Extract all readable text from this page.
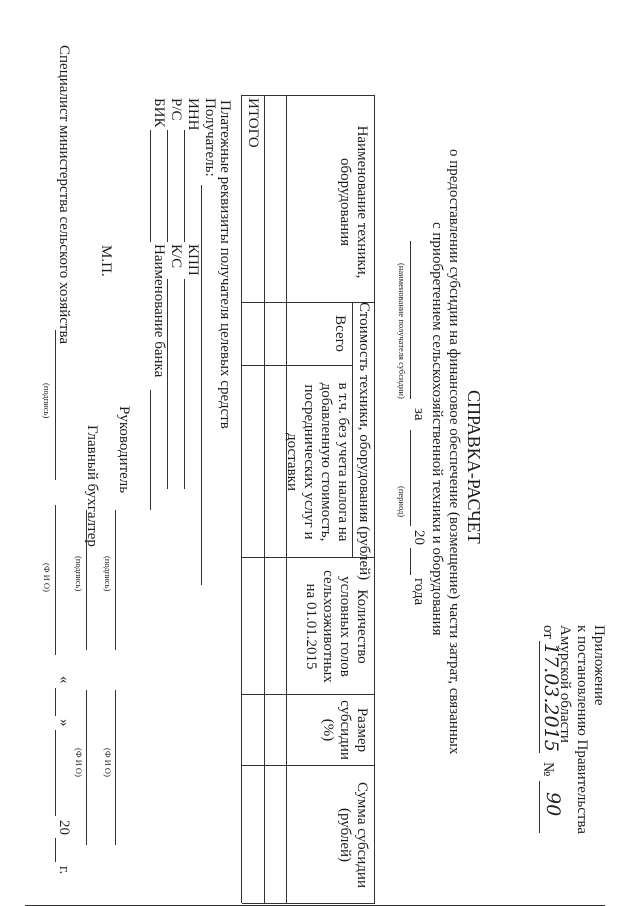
Приложение
к постановлению Правительства
Амурской области
от
17.03.2015
№
90
СПРАВКА-РАСЧЕТ
о предоставлении субсидии на финансовое обеспечение (возмещение) части затрат, связанных
с приобретением сельскохозяйственной техники и оборудования
за
20
года
(наименование получателя субсидии)
(период)
Наименование техники, оборудования
Стоимость техники, оборудования (рублей)
Всего
в т.ч. без учета налога на добавленную стоимость, посреднических услуг и доставки
Количество условных голов сельхозживотных на 01.01.2015
Размер субсидии (%)
Сумма субсидии (рублей)
ИТОГО
Платежные реквизиты получателя целевых средств
Получатель:
ИНН
КПП
Р/С
К/С
БИК
Наименование банка
Руководитель
(подпись)
(Ф И О)
М.П.
Главный бухгалтер
(подпись)
(Ф И О)
Специалист министерства сельского хозяйства
(подпись)
(Ф И О)
«
»
20
г.
